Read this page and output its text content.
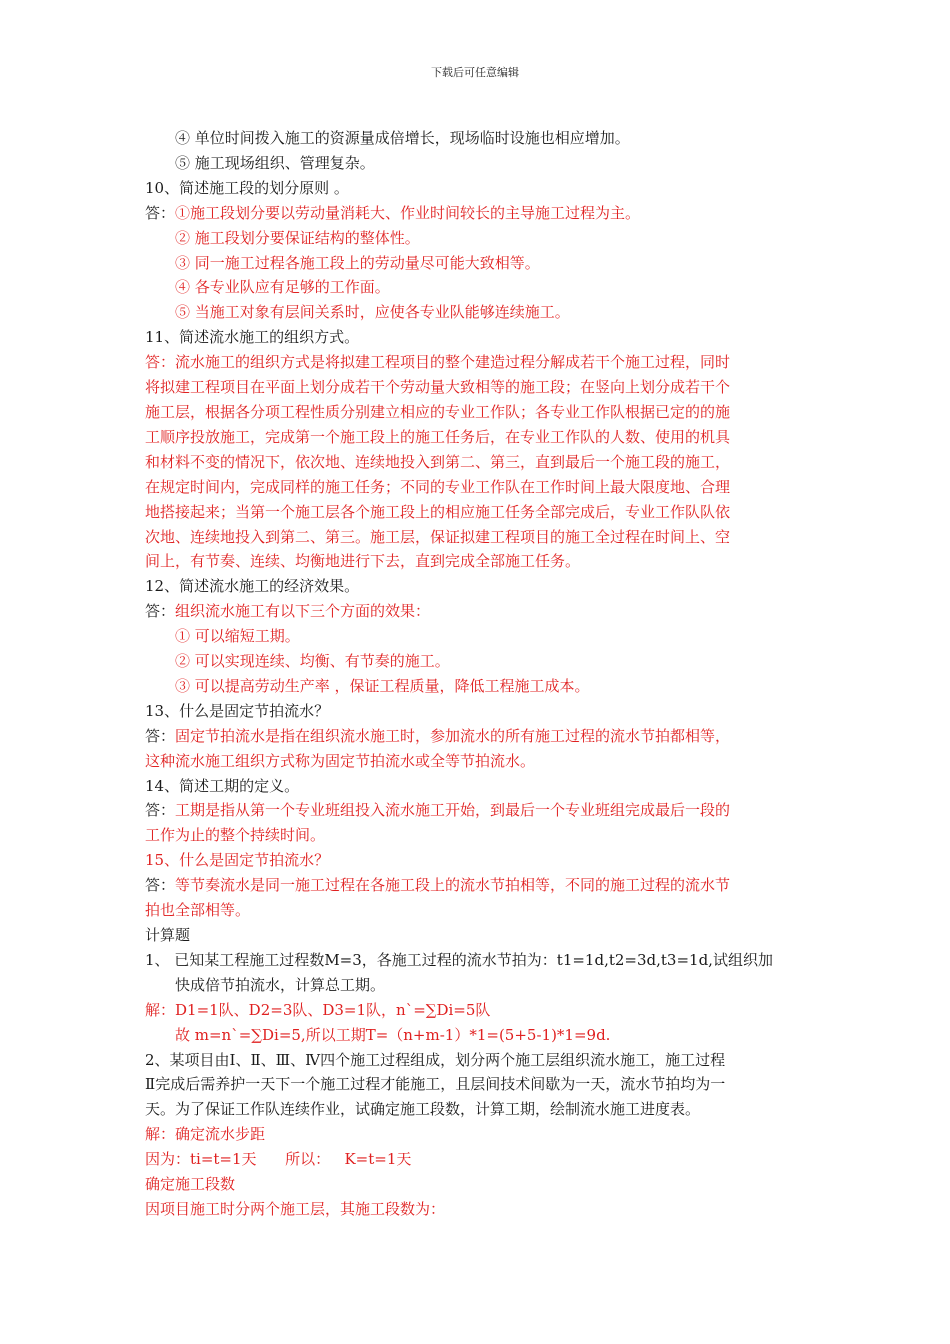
下载后可任意编辑
④ 单位时间拨入施工的资源量成倍增长，现场临时设施也相应增加。
⑤ 施工现场组织、管理复杂。
10、简述施工段的划分原则 。
答：①施工段划分要以劳动量消耗大、作业时间较长的主导施工过程为主。
② 施工段划分要保证结构的整体性。
③ 同一施工过程各施工段上的劳动量尽可能大致相等。
④ 各专业队应有足够的工作面。
⑤ 当施工对象有层间关系时，应使各专业队能够连续施工。
11、简述流水施工的组织方式。
答：流水施工的组织方式是将拟建工程项目的整个建造过程分解成若干个施工过程，同时
将拟建工程项目在平面上划分成若干个劳动量大致相等的施工段；在竖向上划分成若干个
施工层，根据各分项工程性质分别建立相应的专业工作队；各专业工作队根据已定的的施
工顺序投放施工，完成第一个施工段上的施工任务后，在专业工作队的人数、使用的机具
和材料不变的情况下，依次地、连续地投入到第二、第三，直到最后一个施工段的施工，
在规定时间内，完成同样的施工任务；不同的专业工作队在工作时间上最大限度地、合理
地搭接起来；当第一个施工层各个施工段上的相应施工任务全部完成后，专业工作队队依
次地、连续地投入到第二、第三。施工层，保证拟建工程项目的施工全过程在时间上、空
间上，有节奏、连续、均衡地进行下去，直到完成全部施工任务。
12、简述流水施工的经济效果。
答：组织流水施工有以下三个方面的效果：
① 可以缩短工期。
② 可以实现连续、均衡、有节奏的施工。
③ 可以提高劳动生产率 ，保证工程质量，降低工程施工成本。
13、什么是固定节拍流水？
答：固定节拍流水是指在组织流水施工时，参加流水的所有施工过程的流水节拍都相等，
这种流水施工组织方式称为固定节拍流水或全等节拍流水。
14、简述工期的定义。
答：工期是指从第一个专业班组投入流水施工开始，到最后一个专业班组完成最后一段的
工作为止的整个持续时间。
15、什么是固定节拍流水？
答：等节奏流水是同一施工过程在各施工段上的流水节拍相等，不同的施工过程的流水节
拍也全部相等。
计算题
1、 已知某工程施工过程数M=3，各施工过程的流水节拍为：t1=1d,t2=3d,t3=1d,试组织加
快成倍节拍流水，计算总工期。
解：D1=1队、D2=3队、D3=1队，n`=∑Di=5队
故 m=n`=∑Di=5,所以工期T=（n+m-1）*1=(5+5-1)*1=9d.
2、某项目由Ⅰ、Ⅱ、Ⅲ、Ⅳ四个施工过程组成，划分两个施工层组织流水施工，施工过程
Ⅱ完成后需养护一天下一个施工过程才能施工，且层间技术间歇为一天，流水节拍均为一
天。为了保证工作队连续作业，试确定施工段数，计算工期，绘制流水施工进度表。
解：确定流水步距
因为：ti=t=1天      所以：   K=t=1天
确定施工段数
因项目施工时分两个施工层，其施工段数为：
